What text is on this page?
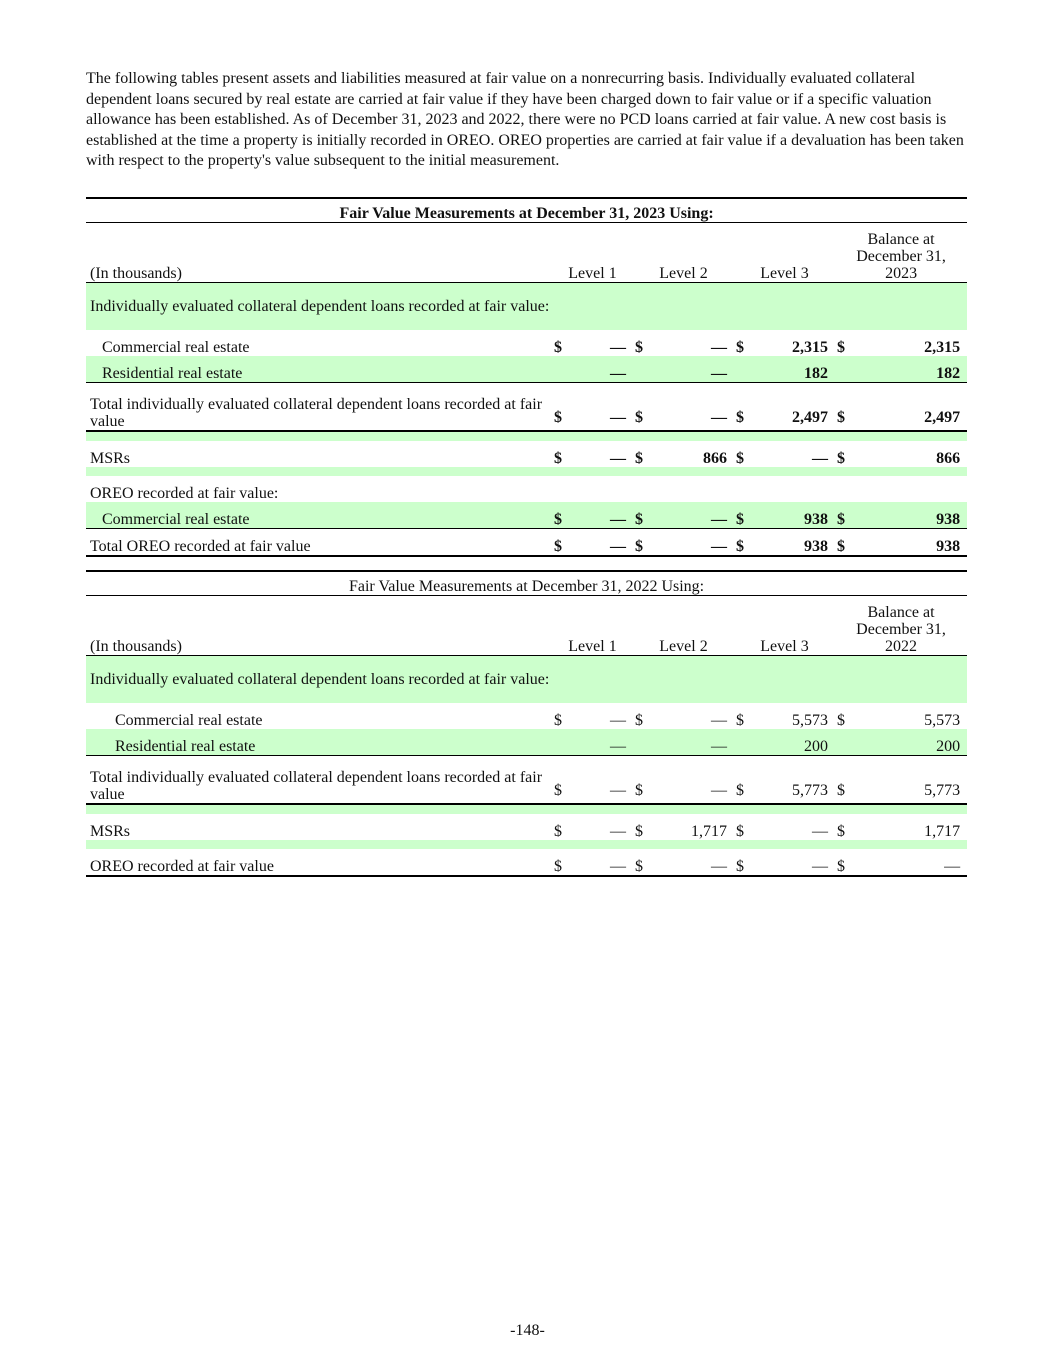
The following tables present assets and liabilities measured at fair value on a nonrecurring basis. Individually evaluated collateral dependent loans secured by real estate are carried at fair value if they have been charged down to fair value or if a specific valuation allowance has been established. As of December 31, 2023 and 2022, there were no PCD loans carried at fair value. A new cost basis is established at the time a property is initially recorded in OREO. OREO properties are carried at fair value if a devaluation has been taken with respect to the property's value subsequent to the initial measurement.

Fair Value Measurements at December 31, 2023 Using:								
(In thousands)	Level 1		Level 2		Level 3		Balance at
December 31,
2023	

Individually evaluated collateral dependent loans recorded at fair value:								
Commercial real estate	$	—	$	—	$	2,315	$	2,315
Residential real estate		—		—		182		182
Total individually evaluated collateral dependent loans recorded at fair value	$	—	$	—	$	2,497	$	2,497

MSRs	$	—	$	866	$	—	$	866

OREO recorded at fair value:								
Commercial real estate	$	—	$	—	$	938	$	938
Total OREO recorded at fair value	$	—	$	—	$	938	$	938
Fair Value Measurements at December 31, 2022 Using:								
(In thousands)	Level 1		Level 2		Level 3		Balance at
December 31,
2022	

Individually evaluated collateral dependent loans recorded at fair value:								
Commercial real estate	$	—	$	—	$	5,573	$	5,573
Residential real estate		—		—		200		200
Total individually evaluated collateral dependent loans recorded at fair value	$	—	$	—	$	5,773	$	5,773

MSRs	$	—	$	1,717	$	—	$	1,717

OREO recorded at fair value	$	—	$	—	$	—	$	—
-148-
